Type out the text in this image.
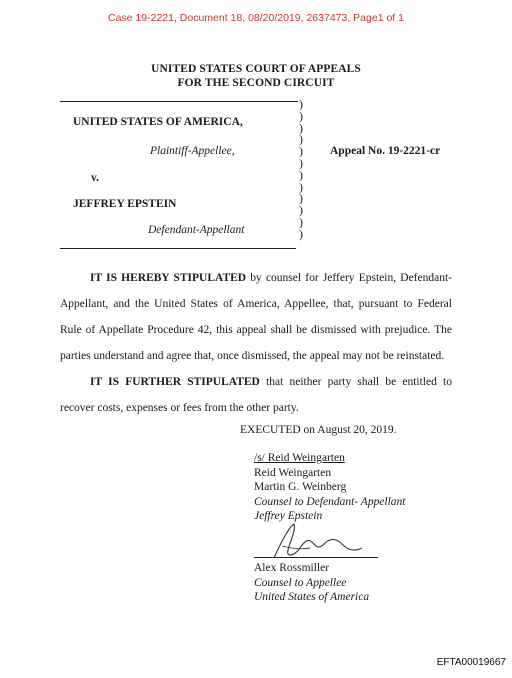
Case 19-2221, Document 18, 08/20/2019, 2637473, Page1 of 1
UNITED STATES COURT OF APPEALS
FOR THE SECOND CIRCUIT
)
)
)
)
)
)
)
)
)
)
)
)
UNITED STATES OF AMERICA,
Plaintiff-Appellee,
v.
JEFFREY EPSTEIN
Defendant-Appellant
Appeal No. 19-2221-cr

IT IS HEREBY STIPULATED by counsel for Jeffery Epstein, Defendant-Appellant, and the United States of America, Appellee, that, pursuant to Federal Rule of Appellate Procedure 42, this appeal shall be dismissed with prejudice. The parties understand and agree that, once dismissed, the appeal may not be reinstated.

IT IS FURTHER STIPULATED that neither party shall be entitled to recover costs, expenses or fees from the other party.

EXECUTED on August 20, 2019.
/s/ Reid Weingarten
Reid Weingarten
Martin G. Weinberg
Counsel to Defendant- Appellant
Jeffrey Epstein
Alex Rossmiller
Counsel to Appellee
United States of America
EFTA00019667
